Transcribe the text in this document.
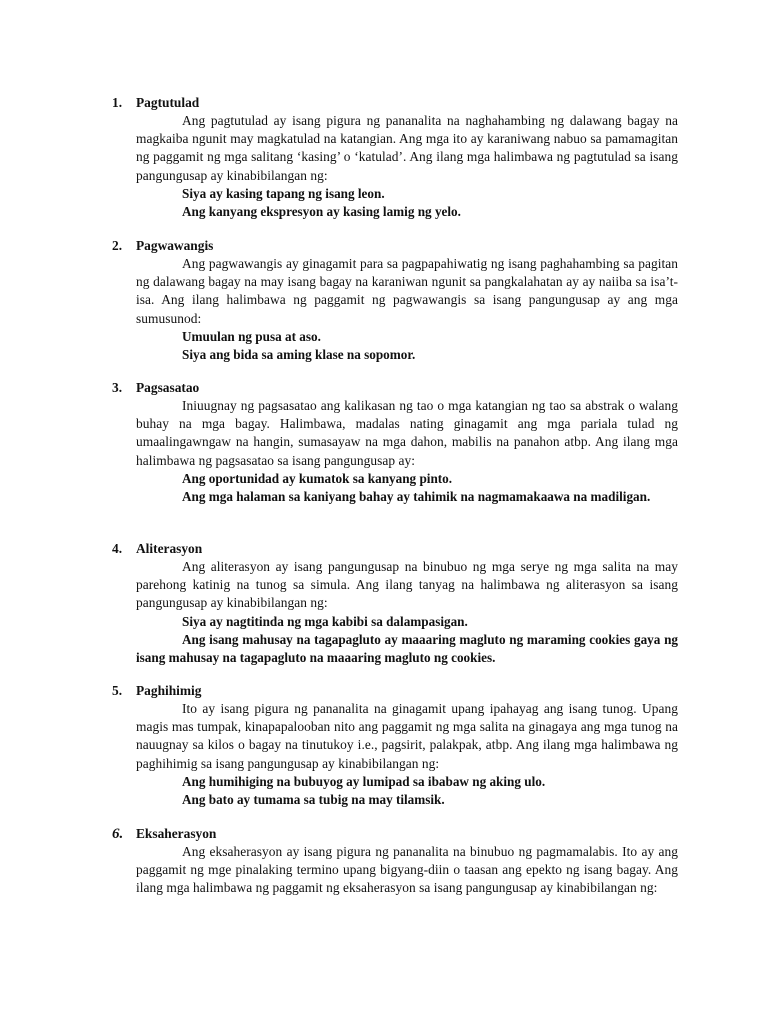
1. Pagtutulad
Ang pagtutulad ay isang pigura ng pananalita na naghahambing ng dalawang bagay na magkaiba ngunit may magkatulad na katangian. Ang mga ito ay karaniwang nabuo sa pamamagitan ng paggamit ng mga salitang ‘kasing’ o ‘katulad’. Ang ilang mga halimbawa ng pagtutulad sa isang pangungusap ay kinabibilangan ng:
Siya ay kasing tapang ng isang leon.
Ang kanyang ekspresyon ay kasing lamig ng yelo.
2. Pagwawangis
Ang pagwawangis ay ginagamit para sa pagpapahiwatig ng isang paghahambing sa pagitan ng dalawang bagay na may isang bagay na karaniwan ngunit sa pangkalahatan ay ay naiiba sa isa’t-isa. Ang ilang halimbawa ng paggamit ng pagwawangis sa isang pangungusap ay ang mga sumusunod:
Umuulan ng pusa at aso.
Siya ang bida sa aming klase na sopomor.
3. Pagsasatao
Iniuugnay ng pagsasatao ang kalikasan ng tao o mga katangian ng tao sa abstrak o walang buhay na mga bagay. Halimbawa, madalas nating ginagamit ang mga pariala tulad ng umaalingawngaw na hangin, sumasayaw na mga dahon, mabilis na panahon atbp. Ang ilang mga halimbawa ng pagsasatao sa isang pangungusap ay:
Ang oportunidad ay kumatok sa kanyang pinto.
Ang mga halaman sa kaniyang bahay ay tahimik na nagmamakaawa na madiligan.
4. Aliterasyon
Ang aliterasyon ay isang pangungusap na binubuo ng mga serye ng mga salita na may parehong katinig na tunog sa simula. Ang ilang tanyag na halimbawa ng aliterasyon sa isang pangungusap ay kinabibilangan ng:
Siya ay nagtitinda ng mga kabibi sa dalampasigan.
Ang isang mahusay na tagapagluto ay maaaring magluto ng maraming cookies gaya ng isang mahusay na tagapagluto na maaaring magluto ng cookies.
5. Paghihimig
Ito ay isang pigura ng pananalita na ginagamit upang ipahayag ang isang tunog. Upang magis mas tumpak, kinapapalooban nito ang paggamit ng mga salita na ginagaya ang mga tunog na nauugnay sa kilos o bagay na tinutukoy i.e., pagsirit, palakpak, atbp. Ang ilang mga halimbawa ng paghihimig sa isang pangungusap ay kinabibilangan ng:
Ang humihiging na bubuyog ay lumipad sa ibabaw ng aking ulo.
Ang bato ay tumama sa tubig na may tilamsik.
6. Eksaherasyon
Ang eksaherasyon ay isang pigura ng pananalita na binubuo ng pagmamalabis. Ito ay ang paggamit ng mge pinalaking termino upang bigyang-diin o taasan ang epekto ng isang bagay. Ang ilang mga halimbawa ng paggamit ng eksaherasyon sa isang pangungusap ay kinabibilangan ng:
